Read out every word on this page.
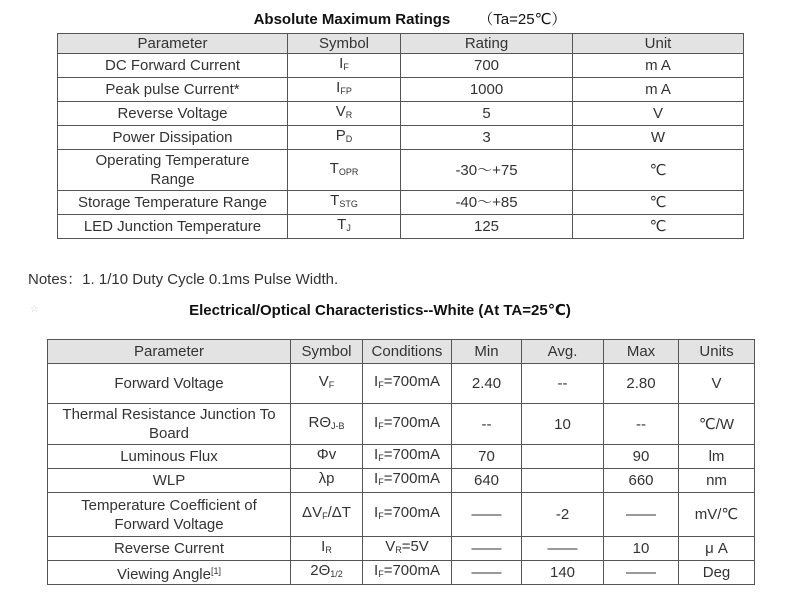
Absolute Maximum Ratings （Ta=25℃）
Parameter	Symbol	Rating	Unit
DC Forward Current	$I_F$	700	m A
Peak pulse Current*	$I_{FP}$	1000	m A
Reverse Voltage	$V_R$	5	V
Power Dissipation	$P_D$	3	W
Operating Temperature Range	$T_{OPR}$	-30～+75	℃
Storage Temperature Range	$T_{STG}$	-40～+85	℃
LED Junction Temperature	$T_J$	125	℃
Notes：1. 1/10 Duty Cycle 0.1ms Pulse Width.
☆	Electrical/Optical Characteristics--White (At TA=25℃)
Parameter	Symbol	Conditions	Min	Avg.	Max	Units
Forward Voltage	$V_F$	$I_F=700mA$	2.40	--	2.80	V
Thermal Resistance Junction To Board	$R\Theta_{J-B}$	$I_F=700mA$	--	10	--	℃/W
Luminous Flux	Φv	$I_F=700mA$	70		90	lm
WLP	λp	$I_F=700mA$	640		660	nm
Temperature Coefficient of Forward Voltage	$\Delta V_F/\Delta T$	$I_F=700mA$	——	-2	——	mV/℃
Reverse Current	$I_R$	$V_R=5V$	——	——	10	μ A
Viewing Angle[1]	$2\Theta_{1/2}$	$I_F=700mA$	——	140	——	Deg
